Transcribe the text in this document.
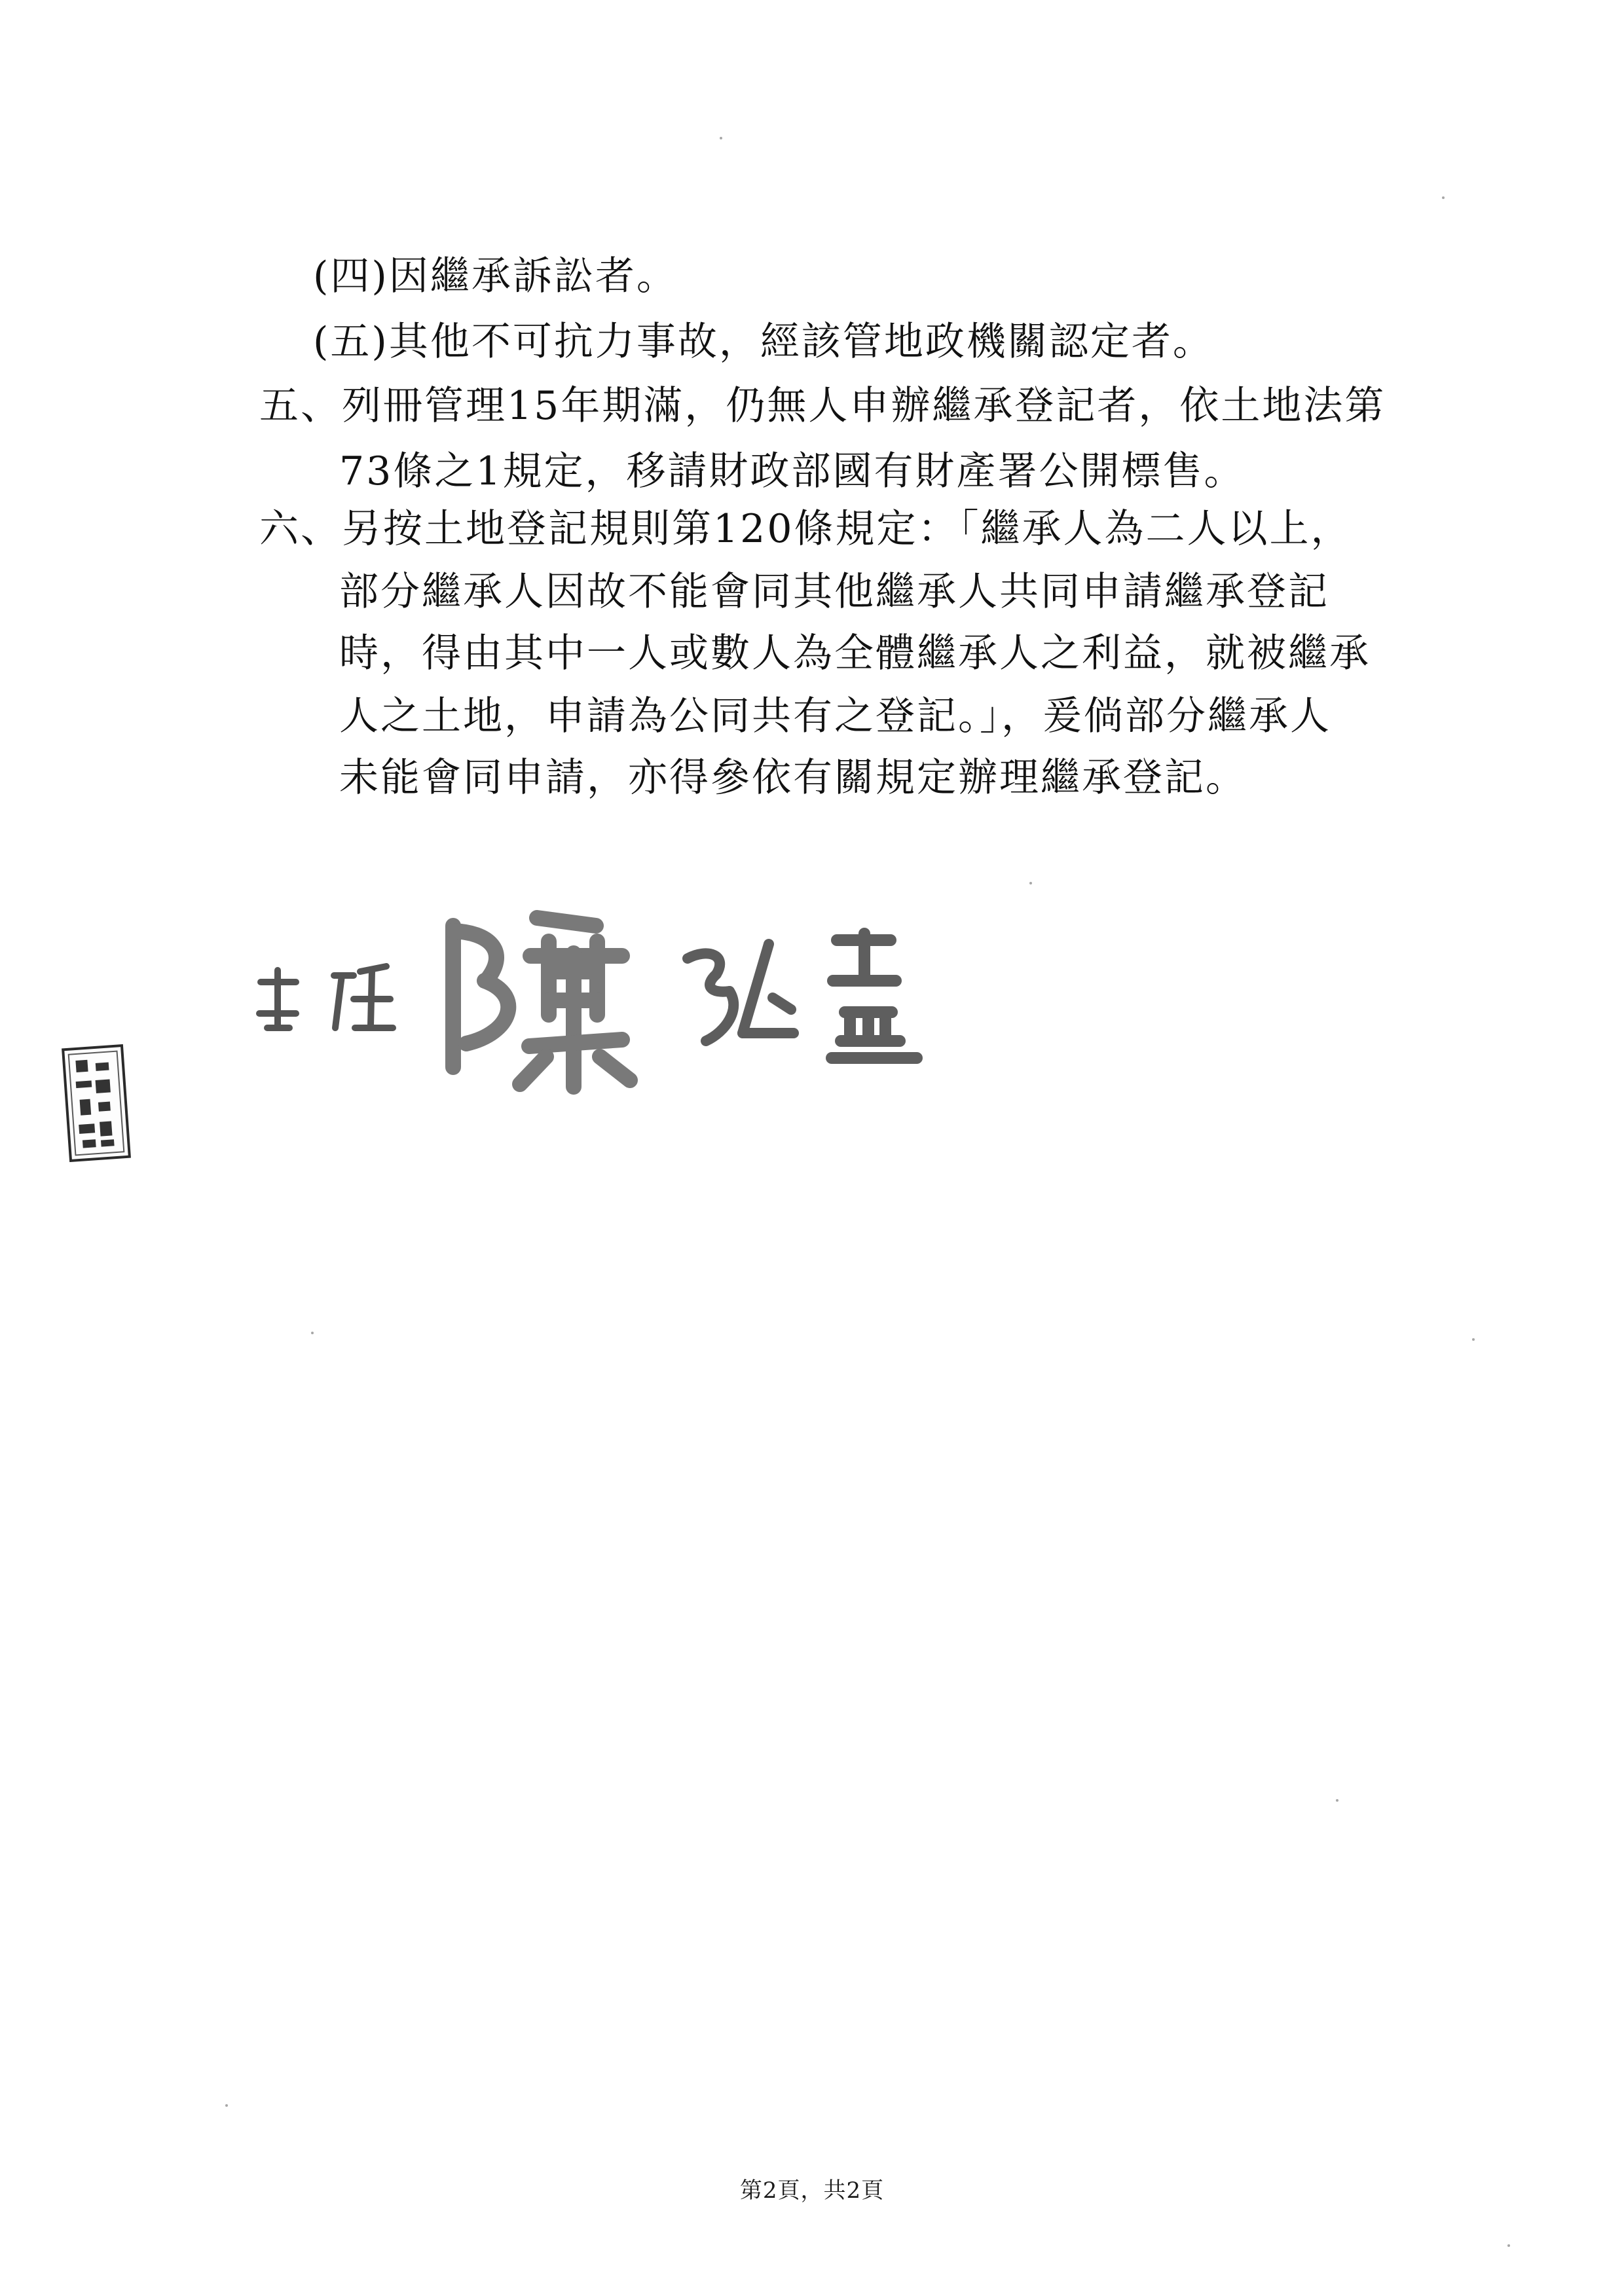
(四)因繼承訴訟者。
(五)其他不可抗力事故，經該管地政機關認定者。
五、列冊管理15年期滿，仍無人申辦繼承登記者，依土地法第
73條之1規定，移請財政部國有財產署公開標售。
六、另按土地登記規則第120條規定：「繼承人為二人以上，
部分繼承人因故不能會同其他繼承人共同申請繼承登記
時，得由其中一人或數人為全體繼承人之利益，就被繼承
人之土地，申請為公同共有之登記。」，爰倘部分繼承人
未能會同申請，亦得參依有關規定辦理繼承登記。
第2頁，共2頁
